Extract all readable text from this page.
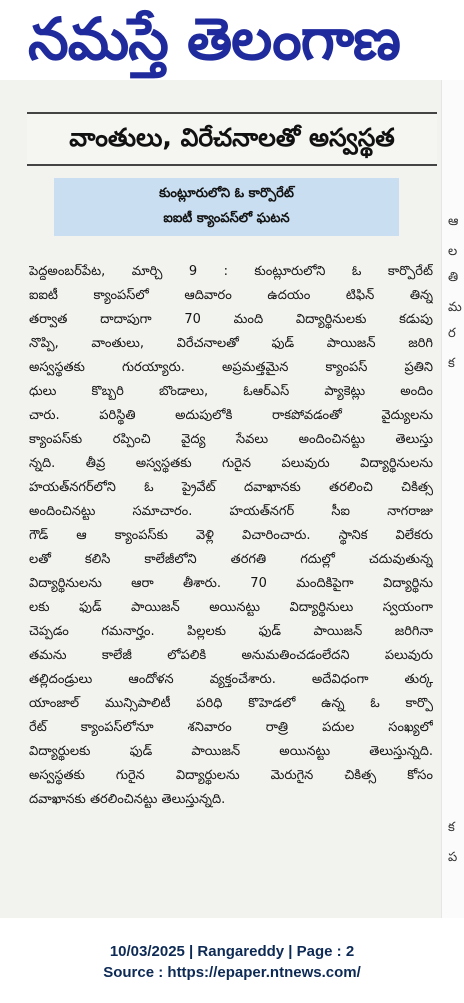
నమస్తే తెలంగాణ
ఆ
ల
తి
మ
ర
క
క
ప
వాంతులు, విరేచనాలతో అస్వస్థత
కుంట్లూరులోని ఓ కార్పొరేట్
ఐఐటీ క్యాంపస్‌లో ఘటన
పెద్దఅంబర్‌పేట, మార్చి 9 : కుంట్లూరులోని ఓ కార్పొరేట్
ఐఐటీ క్యాంపస్‌లో ఆదివారం ఉదయం టిఫిన్ తిన్న
తర్వాత దాదాపుగా 70 మంది విద్యార్థినులకు కడుపు
నొప్పి, వాంతులు, విరేచనాలతో ఫుడ్ పాయిజన్ జరిగి
అస్వస్థతకు గురయ్యారు. అప్రమత్తమైన క్యాంపస్ ప్రతిని
ధులు కొబ్బరి బొండాలు, ఓఆర్‌ఎస్ ప్యాకెట్లు అందిం
చారు. పరిస్థితి అదుపులోకి రాకపోవడంతో వైద్యులను
క్యాంపస్‌కు రప్పించి వైద్య సేవలు అందించినట్టు తెలుస్తు
న్నది. తీవ్ర అస్వస్థతకు గురైన పలువురు విద్యార్థినులను
హయత్‌నగర్‌లోని ఓ ప్రైవేట్ దవాఖానకు తరలించి చికిత్స
అందించినట్టు సమాచారం. హయత్‌నగర్ సీఐ నాగరాజు
గౌడ్ ఆ క్యాంపస్‌కు వెళ్లి విచారించారు. స్థానిక విలేకరు
లతో కలిసి కాలేజీలోని తరగతి గదుల్లో చదువుతున్న
విద్యార్థినులను ఆరా తీశారు. 70 మందికిపైగా విద్యార్థిను
లకు ఫుడ్ పాయిజన్ అయినట్టు విద్యార్థినులు స్వయంగా
చెప్పడం గమనార్హం. పిల్లలకు ఫుడ్ పాయిజన్ జరిగినా
తమను కాలేజీ లోపలికి అనుమతించడంలేదని పలువురు
తల్లిదండ్రులు ఆందోళన వ్యక్తంచేశారు. అదేవిధంగా తుర్క
యాంజాల్ మున్సిపాలిటీ పరిధి కొహెడలో ఉన్న ఓ కార్పొ
రేట్ క్యాంపస్‌లోనూ శనివారం రాత్రి పదుల సంఖ్యలో
విద్యార్థులకు ఫుడ్ పాయిజన్ అయినట్టు తెలుస్తున్నది.
అస్వస్థతకు గురైన విద్యార్థులను మెరుగైన చికిత్స కోసం
దవాఖానకు తరలించినట్టు తెలుస్తున్నది.
10/03/2025 | Rangareddy | Page : 2
Source : https://epaper.ntnews.com/
